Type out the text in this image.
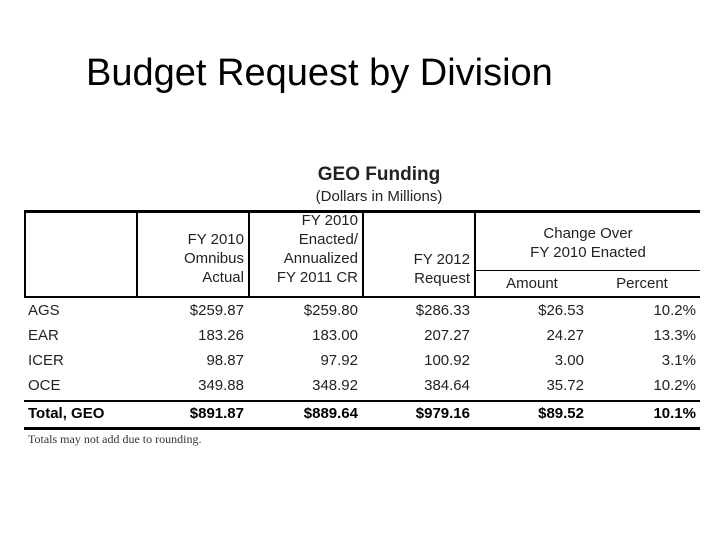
Budget Request by Division
GEO Funding
(Dollars in Millions)
FY 2010
Omnibus
Actual
FY 2010
Enacted/
Annualized
FY 2011 CR
FY 2012
Request
Change Over
FY 2010 Enacted
Amount	Percent
AGS	$259.87	$259.80	$286.33	$26.53	10.2%
EAR	183.26	183.00	207.27	24.27	13.3%
ICER	98.87	97.92	100.92	3.00	3.1%
OCE	349.88	348.92	384.64	35.72	10.2%
Total, GEO	$891.87	$889.64	$979.16	$89.52	10.1%
Totals may not add due to rounding.
